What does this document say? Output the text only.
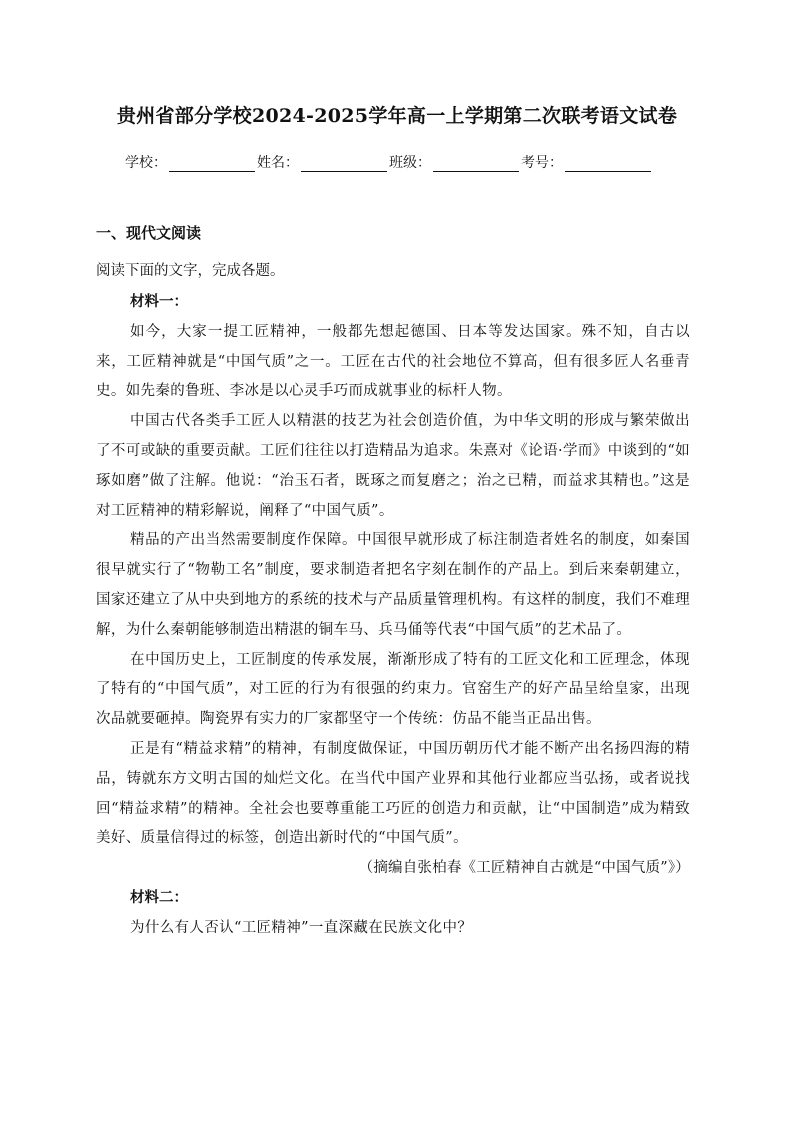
贵州省部分学校2024-2025学年高一上学期第二次联考语文试卷
学校：	姓名：	班级：	考号：
一、现代文阅读
阅读下面的文字，完成各题。
材料一：

如今，大家一提工匠精神，一般都先想起德国、日本等发达国家。殊不知，自古以来，工匠精神就是“中国气质”之一。工匠在古代的社会地位不算高，但有很多匠人名垂青史。如先秦的鲁班、李冰是以心灵手巧而成就事业的标杆人物。

中国古代各类手工匠人以精湛的技艺为社会创造价值，为中华文明的形成与繁荣做出了不可或缺的重要贡献。工匠们往往以打造精品为追求。朱熹对《论语·学而》中谈到的“如琢如磨”做了注解。他说：“治玉石者，既琢之而复磨之；治之已精，而益求其精也。”这是对工匠精神的精彩解说，阐释了“中国气质”。

精品的产出当然需要制度作保障。中国很早就形成了标注制造者姓名的制度，如秦国很早就实行了“物勒工名”制度，要求制造者把名字刻在制作的产品上。到后来秦朝建立，国家还建立了从中央到地方的系统的技术与产品质量管理机构。有这样的制度，我们不难理解，为什么秦朝能够制造出精湛的铜车马、兵马俑等代表“中国气质”的艺术品了。

在中国历史上，工匠制度的传承发展，渐渐形成了特有的工匠文化和工匠理念，体现了特有的“中国气质”，对工匠的行为有很强的约束力。官窑生产的好产品呈给皇家，出现次品就要砸掉。陶瓷界有实力的厂家都坚守一个传统：仿品不能当正品出售。

正是有“精益求精”的精神，有制度做保证，中国历朝历代才能不断产出名扬四海的精品，铸就东方文明古国的灿烂文化。在当代中国产业界和其他行业都应当弘扬，或者说找回“精益求精”的精神。全社会也要尊重能工巧匠的创造力和贡献，让“中国制造”成为精致美好、质量信得过的标签，创造出新时代的“中国气质”。

（摘编自张柏春《工匠精神自古就是“中国气质”》）

材料二：

为什么有人否认“工匠精神”一直深藏在民族文化中？
